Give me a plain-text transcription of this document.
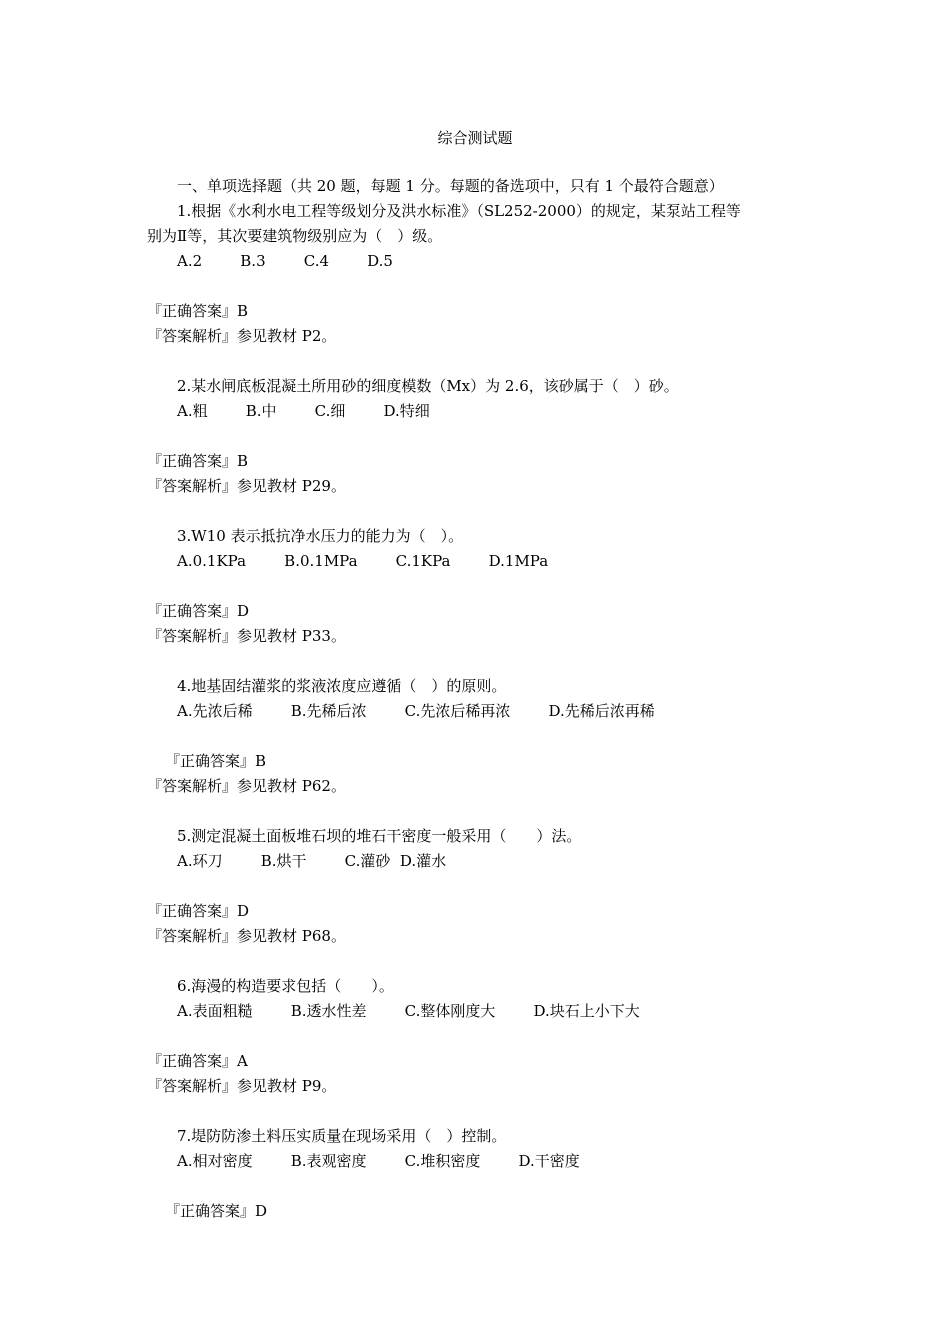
综合测试题
一、单项选择题（共 20 题，每题 1 分。每题的备选项中，只有 1 个最符合题意）
1.根据《水利水电工程等级划分及洪水标准》（SL252-2000）的规定，某泵站工程等
别为Ⅱ等，其次要建筑物级别应为（　）级。
A.2        B.3        C.4        D.5
『正确答案』B
『答案解析』参见教材 P2。
2.某水闸底板混凝土所用砂的细度模数（Mx）为 2.6，该砂属于（　）砂。
A.粗        B.中        C.细        D.特细
『正确答案』B
『答案解析』参见教材 P29。
3.W10 表示抵抗净水压力的能力为（　）。
A.0.1KPa        B.0.1MPa        C.1KPa        D.1MPa
『正确答案』D
『答案解析』参见教材 P33。
4.地基固结灌浆的浆液浓度应遵循（　）的原则。
A.先浓后稀        B.先稀后浓        C.先浓后稀再浓        D.先稀后浓再稀
『正确答案』B
『答案解析』参见教材 P62。
5.测定混凝土面板堆石坝的堆石干密度一般采用（　　）法。
A.环刀        B.烘干        C.灌砂  D.灌水
『正确答案』D
『答案解析』参见教材 P68。
6.海漫的构造要求包括（　　）。
A.表面粗糙        B.透水性差        C.整体刚度大        D.块石上小下大
『正确答案』A
『答案解析』参见教材 P9。
7.堤防防渗土料压实质量在现场采用（　）控制。
A.相对密度        B.表观密度        C.堆积密度        D.干密度
『正确答案』D
